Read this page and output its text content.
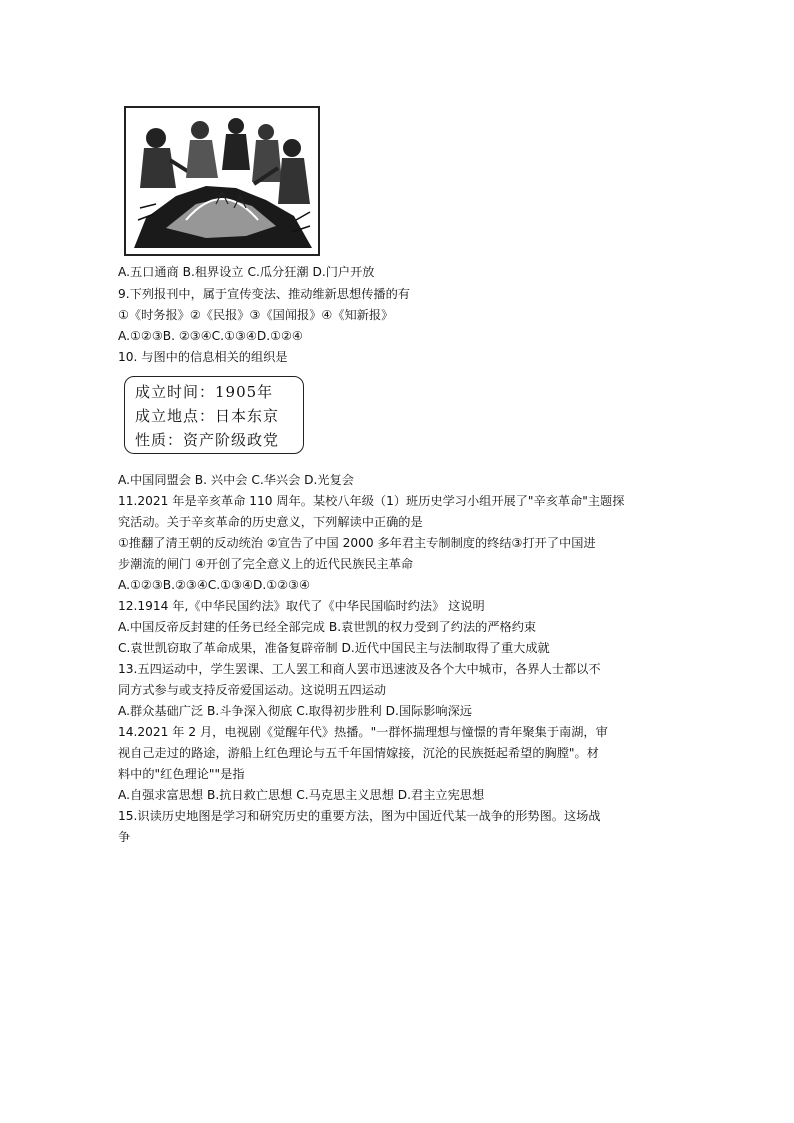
A.五口通商 B.租界设立 C.瓜分狂潮 D.门户开放
9.下列报刊中，属于宣传变法、推动维新思想传播的有
①《时务报》②《民报》③《国闻报》④《知新报》
A.①②③B. ②③④C.①③④D.①②④
10. 与图中的信息相关的组织是
成立时间：1905年
成立地点：日本东京
性质：资产阶级政党
A.中国同盟会 B. 兴中会 C.华兴会 D.光复会
11.2021 年是辛亥革命 110 周年。某校八年级（1）班历史学习小组开展了"辛亥革命"主题探
究活动。关于辛亥革命的历史意义，下列解读中正确的是
①推翻了清王朝的反动统治 ②宣告了中国 2000 多年君主专制制度的终结③打开了中国进
步潮流的闸门 ④开创了完全意义上的近代民族民主革命
A.①②③B.②③④C.①③④D.①②③④
12.1914 年,《中华民国约法》取代了《中华民国临时约法》 这说明
A.中国反帝反封建的任务已经全部完成 B.袁世凯的权力受到了约法的严格约束
C.袁世凯窃取了革命成果，准备复辟帝制 D.近代中国民主与法制取得了重大成就
13.五四运动中，学生罢课、工人罢工和商人罢市迅速波及各个大中城市，各界人士都以不
同方式参与或支持反帝爱国运动。这说明五四运动
A.群众基础广泛 B.斗争深入彻底 C.取得初步胜利 D.国际影响深远
14.2021 年 2 月，电视剧《觉醒年代》热播。"一群怀揣理想与憧憬的青年聚集于南湖，审
视自己走过的路途，游船上红色理论与五千年国情嫁接，沉沦的民族挺起希望的胸膛"。材
料中的"红色理论""是指
A.自强求富思想 B.抗日救亡思想 C.马克思主义思想 D.君主立宪思想
15.识读历史地图是学习和研究历史的重要方法，图为中国近代某一战争的形势图。这场战
争
